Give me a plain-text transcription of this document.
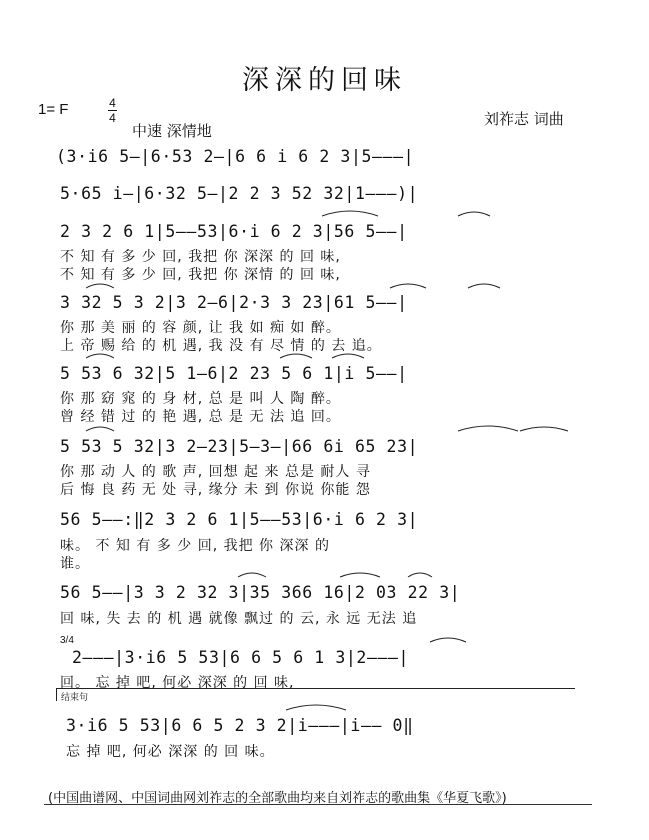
深深的回味
1= F	4
4
中速 深情地
刘祚志 词曲
(3·i6 5—|6·53 2—|6 6 i 6 2 3|5———|
5·65 i—|6·32 5—|2 2 3 52 32|1———)|
2 3 2 6 1|5——53|6·i 6 2 3|56 5——|
不 知 有 多 少 回, 我把 你 深深 的 回 味,
不 知 有 多 少 回, 我把 你 深情 的 回 味,
3 32 5 3 2|3 2—6|2·3 3 23|61 5——|
你 那 美 丽 的 容 颜, 让 我 如 痴 如 醉。
上 帝 赐 给 的 机 遇, 我 没 有 尽 情 的 去 追。
5 53 6 32|5 1—6|2 23 5 6 1|i 5——|
你 那 窈 窕 的 身 材, 总 是 叫 人 陶 醉。
曾 经 错 过 的 艳 遇, 总 是 无 法 追 回。
5 53 5 32|3 2—23|5—3—|66 6i 65 23|
你 那 动 人 的 歌 声, 回想 起 来 总是 耐人 寻
后 悔 良 药 无 处 寻, 缘分 未 到 你说 你能 怨
56 5——:‖2 3 2 6 1|5——53|6·i 6 2 3|
味。 不 知 有 多 少 回, 我把 你 深深 的
谁。
56 5——|3 3 2 32 3|35 366 16|2 03 22 3|
回 味, 失 去 的 机 遇 就像 飘过 的 云, 永 远 无法 追
3/4
2———|3·i6 5 53|6 6 5 6 1 3|2———|
回。 忘 掉 吧, 何必 深深 的 回 味,
结束句
3·i6 5 53|6 6 5 2 3 2|i———|i—— 0‖
忘 掉 吧, 何必 深深 的 回 味。
(中国曲谱网、中国词曲网刘祚志的全部歌曲均来自刘祚志的歌曲集《华夏飞歌》)
